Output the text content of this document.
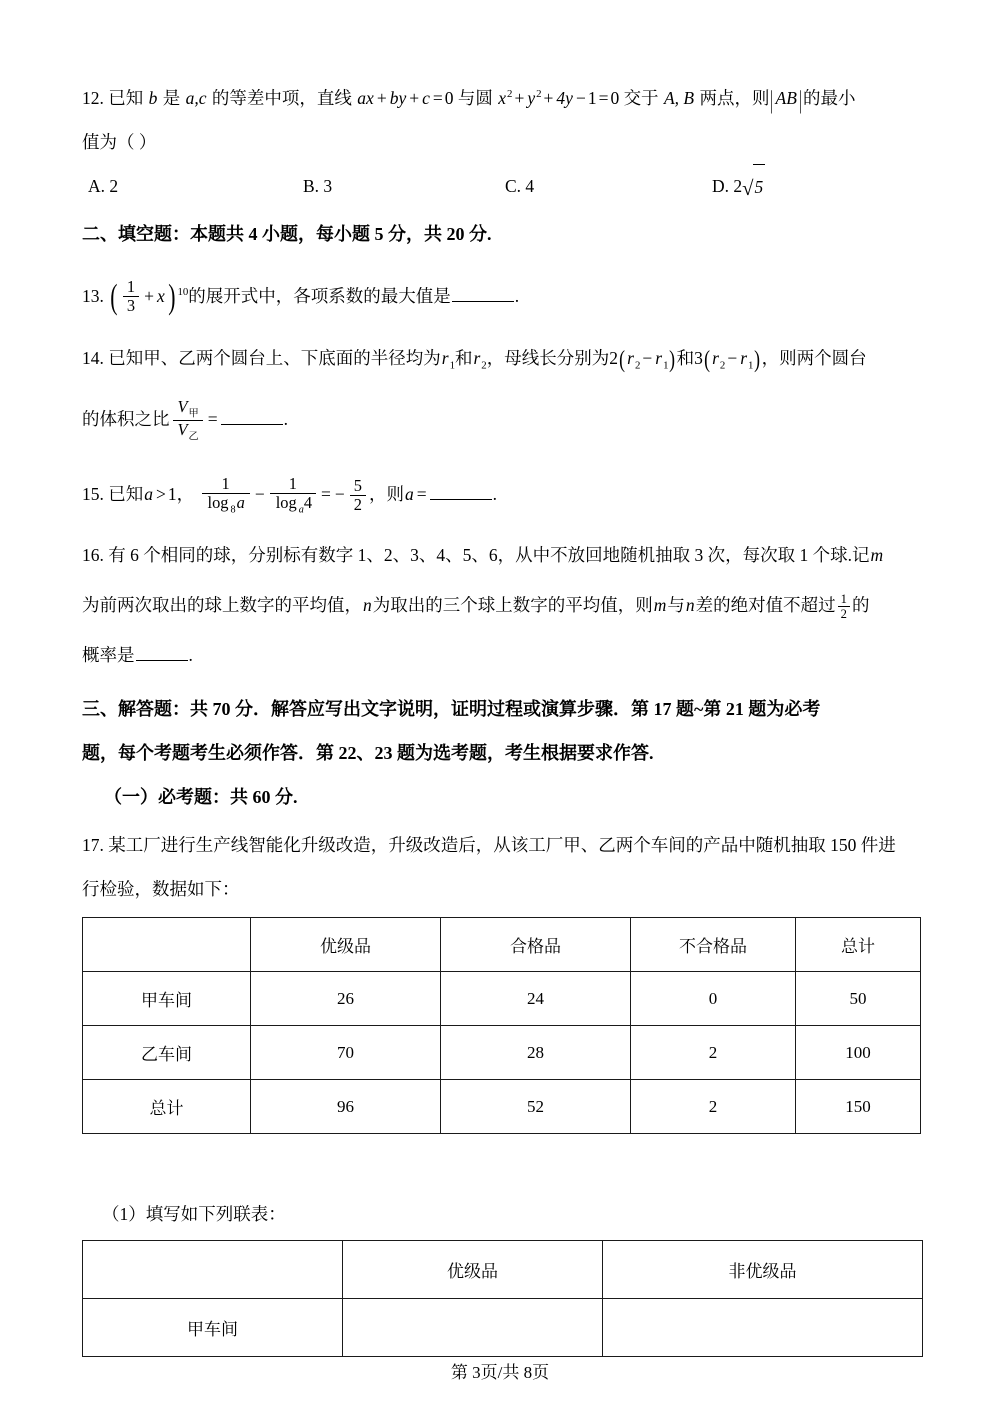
12. 已知 b 是 a,c 的等差中项，直线 ax + by + c = 0 与圆 $x^2 + y^2 + 4y - 1 = 0$ 交于 A, B 两点，则| AB|的最小
值为（ ）
A. 2	B. 3	C. 4	D. 2√5
二、填空题：本题共 4 小题，每小题 5 分，共 20 分.
13. ( $\frac{1}{3} + x$) $^{10}$的展开式中，各项系数的最大值是	.
14. 已知甲、乙两个圆台上、下底面的半径均为$r_1$和$r_2$，母线长分别为2( $r_2 - r_1$)和3( $r_2 - r_1$)，则两个圆台
的体积之比 $\frac{V_甲}{V_乙}$ =	.
15. 已知a > 1， $\frac{1}{\log _8a} - \frac{1}{\log _a4}$ = − $\frac{5}{2}$ ，则a =	.
16. 有 6 个相同的球，分别标有数字 1、2、3、4、5、6，从中不放回地随机抽取 3 次，每次取 1 个球.记m
为前两次取出的球上数字的平均值，n为取出的三个球上数字的平均值，则m与n差的绝对值不超过 $\frac{1}{2}$ 的
概率是	.
三、解答题：共 70 分．解答应写出文字说明，证明过程或演算步骤．第 17 题~第 21 题为必考
题，每个考题考生必须作答．第 22、23 题为选考题，考生根据要求作答.
（一）必考题：共 60 分.
17. 某工厂进行生产线智能化升级改造，升级改造后，从该工厂甲、乙两个车间的产品中随机抽取 150 件进
行检验，数据如下：
	优级品	合格品	不合格品	总计
甲车间	26	24	0	50
乙车间	70	28	2	100
总计	96	52	2	150
（1）填写如下列联表：
	优级品	非优级品
甲车间		
第 3页/共 8页
